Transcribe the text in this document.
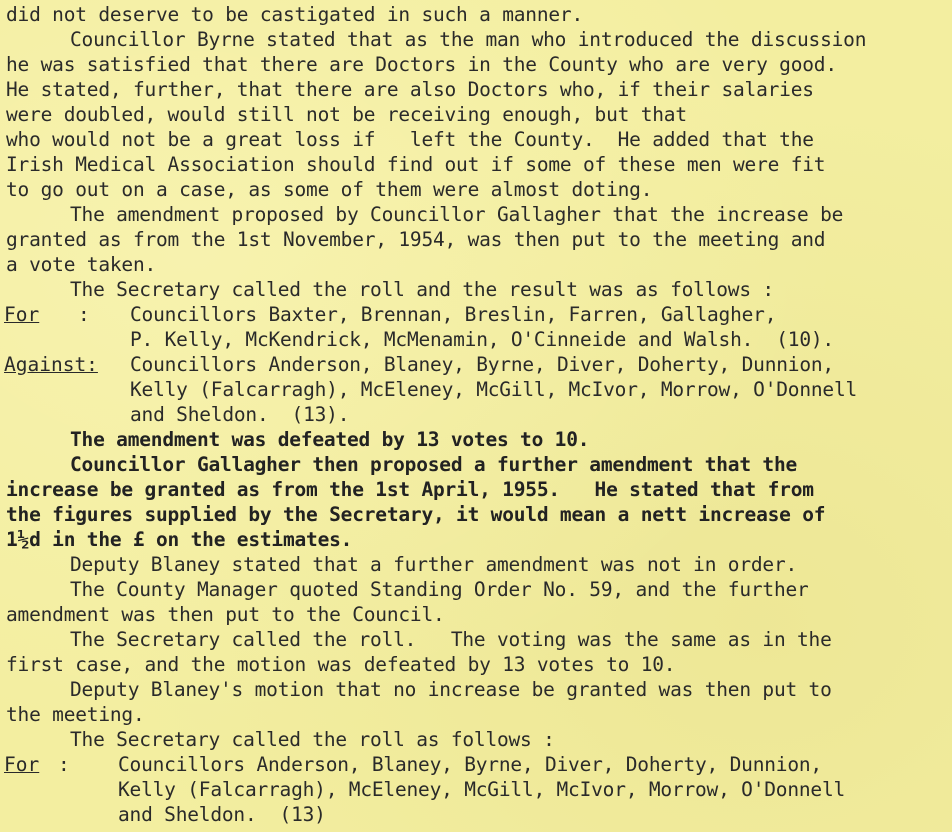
did not deserve to be castigated in such a manner.
Councillor Byrne stated that as the man who introduced the discussion
he was satisfied that there are Doctors in the County who are very good.
He stated, further, that there are also Doctors who, if their salaries
were doubled, would still not be receiving enough, but that
who would not be a great loss if   left the County.  He added that the
Irish Medical Association should find out if some of these men were fit
to go out on a case, as some of them were almost doting.
The amendment proposed by Councillor Gallagher that the increase be
granted as from the 1st November, 1954, was then put to the meeting and
a vote taken.
The Secretary called the roll and the result was as follows :
For : Councillors Baxter, Brennan, Breslin, Farren, Gallagher,
P. Kelly, McKendrick, McMenamin, O'Cinneide and Walsh.  (10).
Against: Councillors Anderson, Blaney, Byrne, Diver, Doherty, Dunnion,
Kelly (Falcarragh), McEleney, McGill, McIvor, Morrow, O'Donnell
and Sheldon.  (13).
The amendment was defeated by 13 votes to 10.
Councillor Gallagher then proposed a further amendment that the
increase be granted as from the 1st April, 1955.   He stated that from
the figures supplied by the Secretary, it would mean a nett increase of
1½d in the £ on the estimates.
Deputy Blaney stated that a further amendment was not in order.
The County Manager quoted Standing Order No. 59, and the further
amendment was then put to the Council.
The Secretary called the roll.   The voting was the same as in the
first case, and the motion was defeated by 13 votes to 10.
Deputy Blaney's motion that no increase be granted was then put to
the meeting.
The Secretary called the roll as follows :
For : Councillors Anderson, Blaney, Byrne, Diver, Doherty, Dunnion,
Kelly (Falcarragh), McEleney, McGill, McIvor, Morrow, O'Donnell
and Sheldon.  (13)
